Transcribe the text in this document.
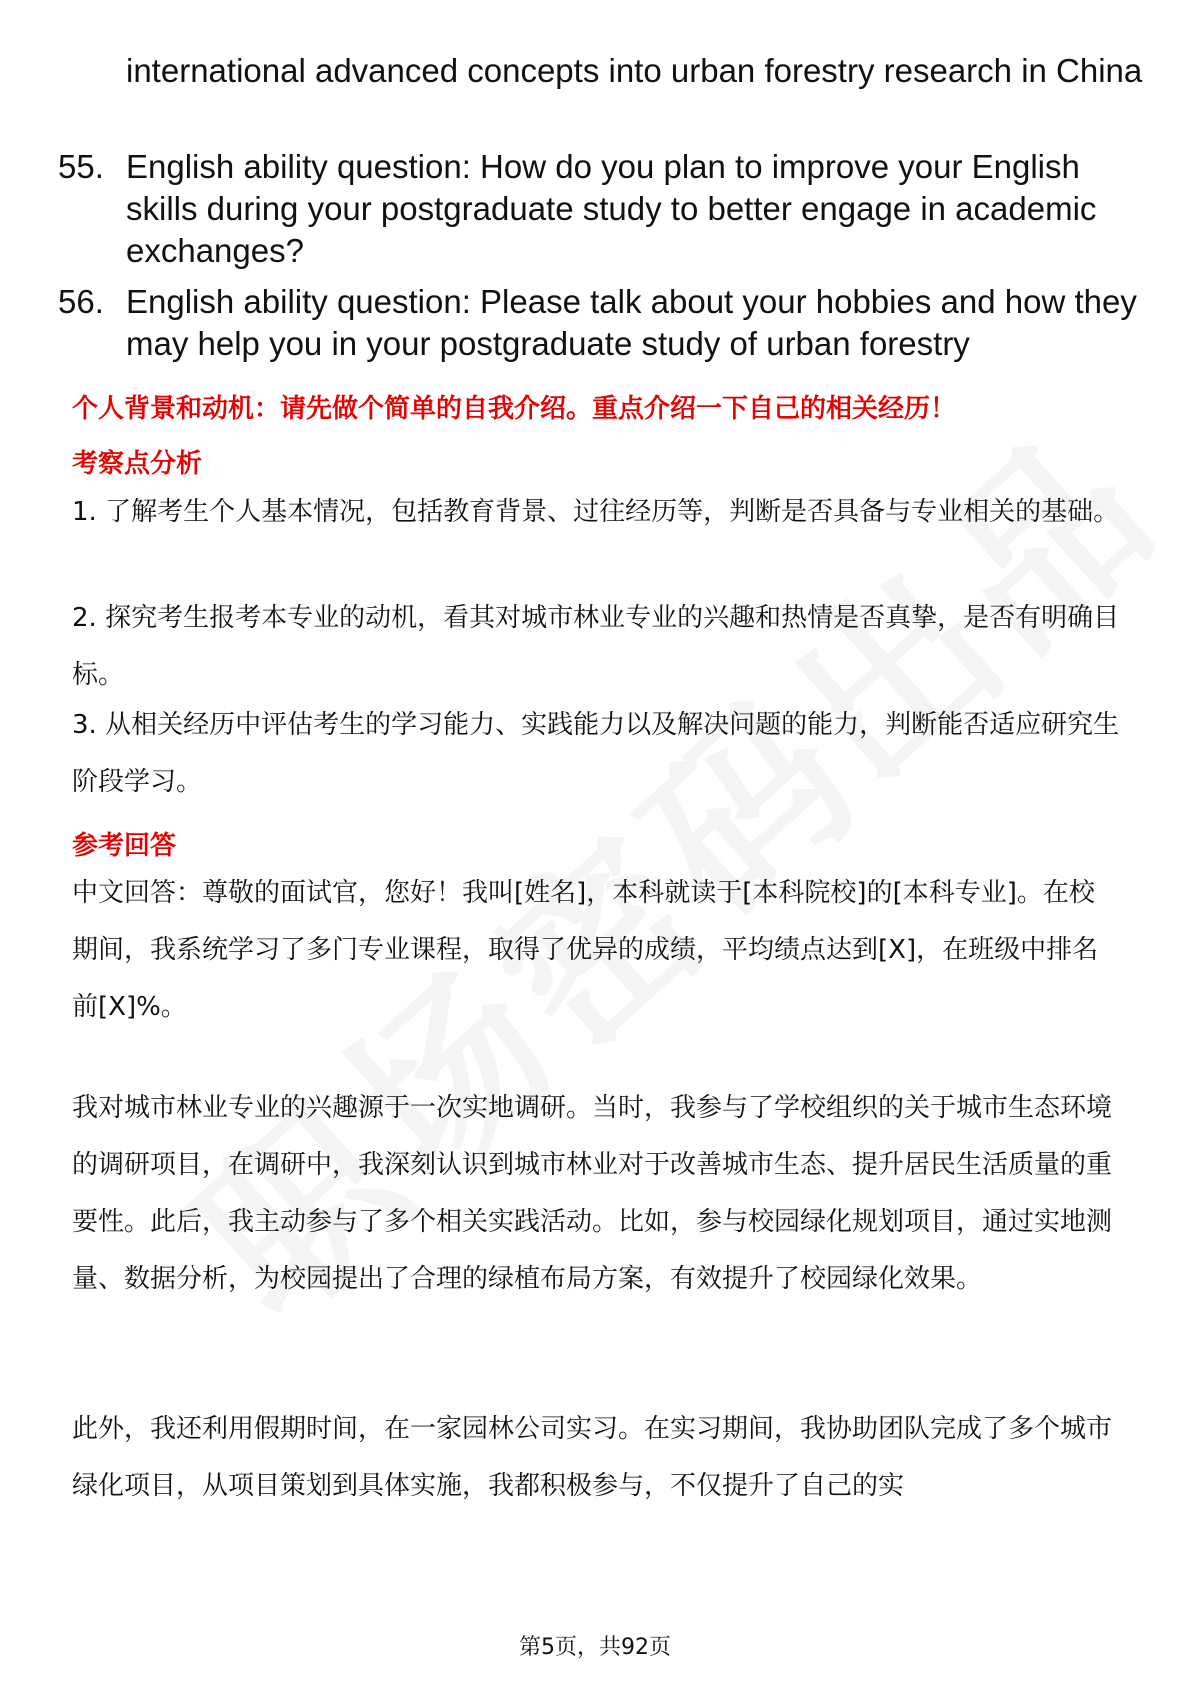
international advanced concepts into urban forestry research in China
55. English ability question: How do you plan to improve your English skills during your postgraduate study to better engage in academic exchanges?
56. English ability question: Please talk about your hobbies and how they may help you in your postgraduate study of urban forestry
个人背景和动机：请先做个简单的自我介绍。重点介绍一下自己的相关经历！
考察点分析
1. 了解考生个人基本情况，包括教育背景、过往经历等，判断是否具备与专业相关的基础。
2. 探究考生报考本专业的动机，看其对城市林业专业的兴趣和热情是否真挚，是否有明确目标。
3. 从相关经历中评估考生的学习能力、实践能力以及解决问题的能力，判断能否适应研究生阶段学习。
参考回答
中文回答：尊敬的面试官，您好！我叫[姓名]，本科就读于[本科院校]的[本科专业]。在校期间，我系统学习了多门专业课程，取得了优异的成绩，平均绩点达到[X]，在班级中排名前[X]%。
我对城市林业专业的兴趣源于一次实地调研。当时，我参与了学校组织的关于城市生态环境的调研项目，在调研中，我深刻认识到城市林业对于改善城市生态、提升居民生活质量的重要性。此后，我主动参与了多个相关实践活动。比如，参与校园绿化规划项目，通过实地测量、数据分析，为校园提出了合理的绿植布局方案，有效提升了校园绿化效果。
此外，我还利用假期时间，在一家园林公司实习。在实习期间，我协助团队完成了多个城市绿化项目，从项目策划到具体实施，我都积极参与，不仅提升了自己的实
第5页，共92页
